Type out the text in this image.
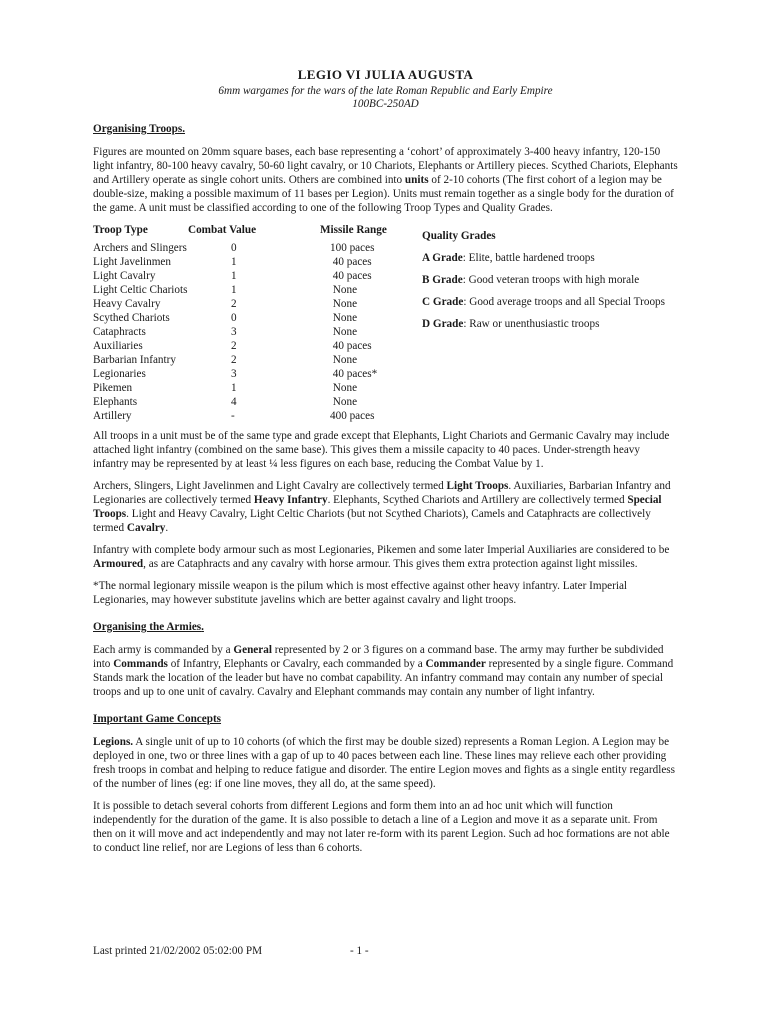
LEGIO VI JULIA AUGUSTA
6mm wargames for the wars of the late Roman Republic and Early Empire
100BC-250AD
Organising Troops.

Figures are mounted on 20mm square bases, each base representing a ‘cohort’ of approximately 3-400 heavy infantry, 120-150 light infantry, 80-100 heavy cavalry, 50-60 light cavalry, or 10 Chariots, Elephants or Artillery pieces. Scythed Chariots, Elephants and Artillery operate as single cohort units. Others are combined into units of 2-10 cohorts (The first cohort of a legion may be double-size, making a possible maximum of 11 bases per Legion). Units must remain together as a single body for the duration of the game. A unit must be classified according to one of the following Troop Types and Quality Grades.

Troop Type	Combat Value	Missile Range
Archers and Slingers	0	100 paces
Light Javelinmen	1	40 paces
Light Cavalry	1	40 paces
Light Celtic Chariots	1	None
Heavy Cavalry	2	None
Scythed Chariots	0	None
Cataphracts	3	None
Auxiliaries	2	40 paces
Barbarian Infantry	2	None
Legionaries	3	40 paces*
Pikemen	1	None
Elephants	4	None
Artillery	-	400 paces
Quality Grades
A Grade: Elite, battle hardened troops
B Grade: Good veteran troops with high morale
C Grade: Good average troops and all Special Troops
D Grade: Raw or unenthusiastic troops

All troops in a unit must be of the same type and grade except that Elephants, Light Chariots and Germanic Cavalry may include attached light infantry (combined on the same base). This gives them a missile capacity to 40 paces. Under-strength heavy infantry may be represented by at least ¼ less figures on each base, reducing the Combat Value by 1.

Archers, Slingers, Light Javelinmen and Light Cavalry are collectively termed Light Troops. Auxiliaries, Barbarian Infantry and Legionaries are collectively termed Heavy Infantry. Elephants, Scythed Chariots and Artillery are collectively termed Special Troops. Light and Heavy Cavalry, Light Celtic Chariots (but not Scythed Chariots), Camels and Cataphracts are collectively termed Cavalry.

Infantry with complete body armour such as most Legionaries, Pikemen and some later Imperial Auxiliaries are considered to be Armoured, as are Cataphracts and any cavalry with horse armour. This gives them extra protection against light missiles.

*The normal legionary missile weapon is the pilum which is most effective against other heavy infantry. Later Imperial Legionaries, may however substitute javelins which are better against cavalry and light troops.

Organising the Armies.

Each army is commanded by a General represented by 2 or 3 figures on a command base. The army may further be subdivided into Commands of Infantry, Elephants or Cavalry, each commanded by a Commander represented by a single figure. Command Stands mark the location of the leader but have no combat capability. An infantry command may contain any number of special troops and up to one unit of cavalry. Cavalry and Elephant commands may contain any number of light infantry.

Important Game Concepts

Legions. A single unit of up to 10 cohorts (of which the first may be double sized) represents a Roman Legion. A Legion may be deployed in one, two or three lines with a gap of up to 40 paces between each line. These lines may relieve each other providing fresh troops in combat and helping to reduce fatigue and disorder. The entire Legion moves and fights as a single entity regardless of the number of lines (eg: if one line moves, they all do, at the same speed).

It is possible to detach several cohorts from different Legions and form them into an ad hoc unit which will function independently for the duration of the game. It is also possible to detach a line of a Legion and move it as a separate unit. From then on it will move and act independently and may not later re-form with its parent Legion. Such ad hoc formations are not able to conduct line relief, nor are Legions of less than 6 cohorts.

Last printed 21/02/2002 05:02:00 PM	- 1 -
